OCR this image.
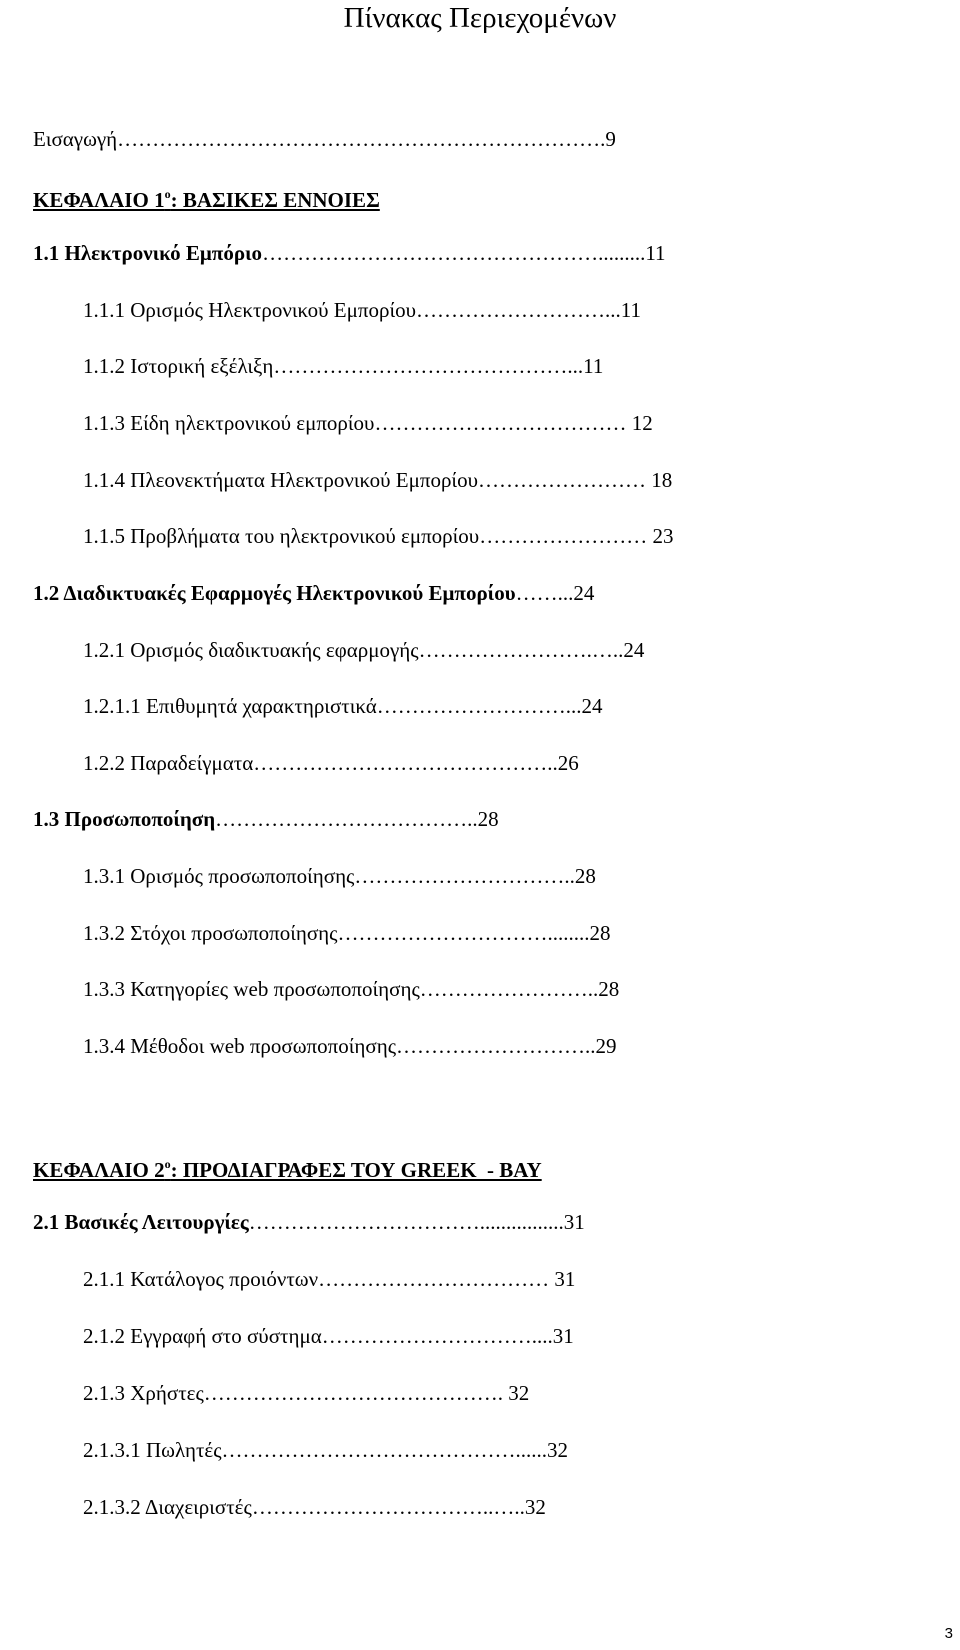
Πίνακας Περιεχομένων
Εισαγωγή…………………………………………………………….9
ΚΕΦΑΛΑΙΟ $1^o$: ΒΑΣΙΚΕΣ ΕΝΝΟΙΕΣ
1.1 Ηλεκτρονικό Εμπόριο………………………………………….........11
1.1.1 Ορισμός Ηλεκτρονικού Εμπορίου………………………...11
1.1.2 Ιστορική εξέλιξη……………………………………...11
1.1.3 Είδη ηλεκτρονικού εμπορίου……………………………… 12
1.1.4 Πλεονεκτήματα Ηλεκτρονικού Εμπορίου…………………… 18
1.1.5 Προβλήματα του ηλεκτρονικού εμπορίου…………………… 23
1.2 Διαδικτυακές Εφαρμογές Ηλεκτρονικού Εμπορίου……...24
1.2.1 Ορισμός διαδικτυακής εφαρμογής…………………….…..24
1.2.1.1 Επιθυμητά χαρακτηριστικά………………………...24
1.2.2 Παραδείγματα……………………………………..26
1.3 Προσωποποίηση………………………………..28
1.3.1 Ορισμός προσωποποίησης…………………………..28
1.3.2 Στόχοι προσωποποίησης…………………………........28
1.3.3 Κατηγορίες web προσωποποίησης……………………..28
1.3.4 Μέθοδοι web προσωποποίησης………………………..29
ΚΕΦΑΛΑΙΟ $2^o$: ΠΡΟΔΙΑΓΡΑΦΕΣ ΤΟΥ GREEK  - BAY
2.1 Βασικές Λειτουργίες……………………………................31
2.1.1 Κατάλογος προιόντων…………………………… 31
2.1.2 Εγγραφή στο σύστημα…………………………....31
2.1.3 Χρήστες……………………………………. 32
2.1.3.1 Πωλητές……………………………………......32
2.1.3.2 Διαχειριστές……………………………..…..32
3
